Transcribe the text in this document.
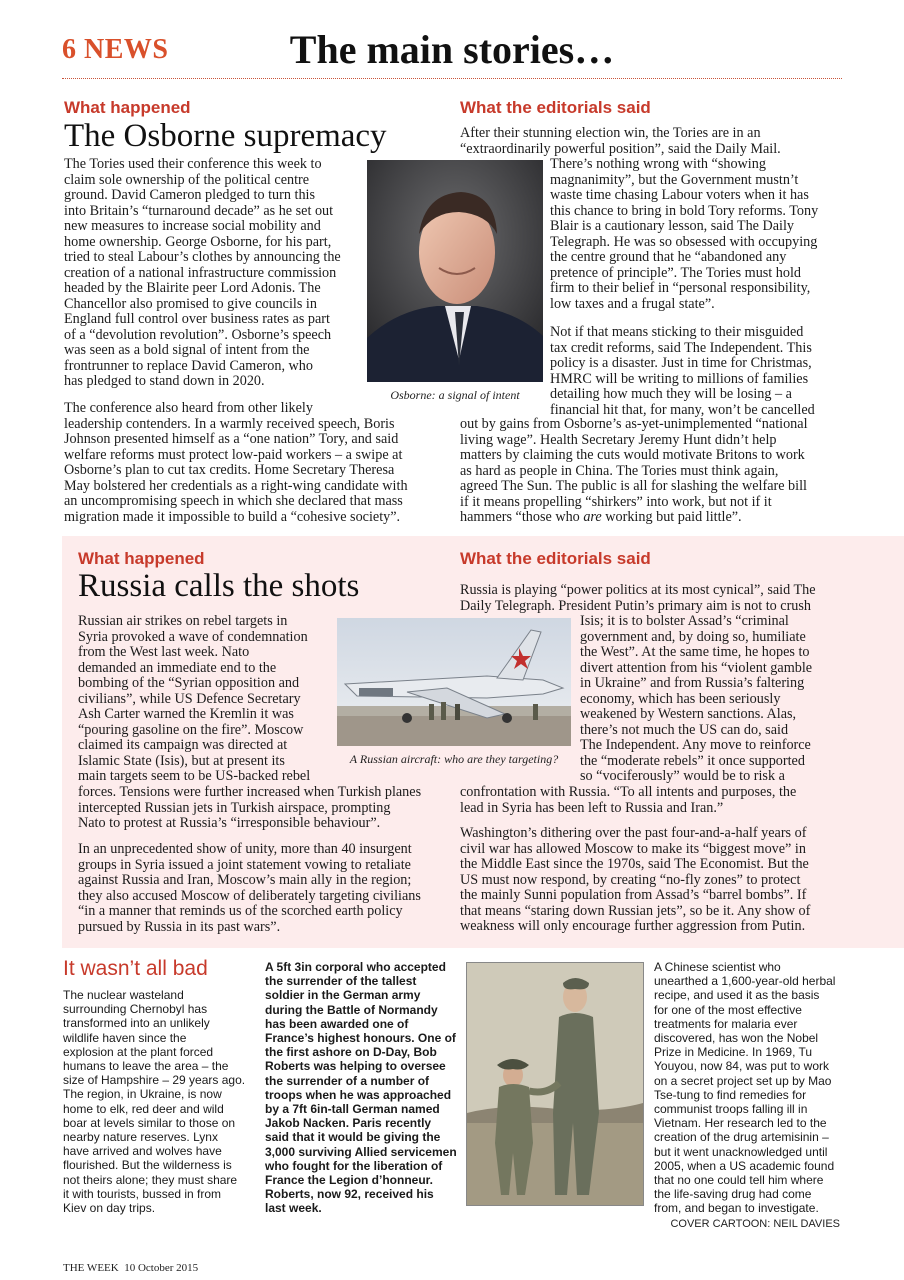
6 NEWS	The main stories…
What happened
The Osborne supremacy

The Tories used their conference this week to

claim sole ownership of the political centre

ground. David Cameron pledged to turn this

into Britain’s “turnaround decade” as he set out

new measures to increase social mobility and

home ownership. George Osborne, for his part,

tried to steal Labour’s clothes by announcing the

creation of a national infrastructure commission

headed by the Blairite peer Lord Adonis. The

Chancellor also promised to give councils in

England full control over business rates as part

of a “devolution revolution”. Osborne’s speech

was seen as a bold signal of intent from the

frontrunner to replace David Cameron, who

has pledged to stand down in 2020.

Osborne: a signal of intent

The conference also heard from other likely

leadership contenders. In a warmly received speech, Boris

Johnson presented himself as a “one nation” Tory, and said

welfare reforms must protect low-paid workers – a swipe at

Osborne’s plan to cut tax credits. Home Secretary Theresa

May bolstered her credentials as a right-wing candidate with

an uncompromising speech in which she declared that mass

migration made it impossible to build a “cohesive society”.

What the editorials said

After their stunning election win, the Tories are in an

“extraordinarily powerful position”, said the Daily Mail.

There’s nothing wrong with “showing

magnanimity”, but the Government mustn’t

waste time chasing Labour voters when it has

this chance to bring in bold Tory reforms. Tony

Blair is a cautionary lesson, said The Daily

Telegraph. He was so obsessed with occupying

the centre ground that he “abandoned any

pretence of principle”. The Tories must hold

firm to their belief in “personal responsibility,

low taxes and a frugal state”.

Not if that means sticking to their misguided

tax credit reforms, said The Independent. This

policy is a disaster. Just in time for Christmas,

HMRC will be writing to millions of families

detailing how much they will be losing – a

financial hit that, for many, won’t be cancelled

out by gains from Osborne’s as-yet-unimplemented “national

living wage”. Health Secretary Jeremy Hunt didn’t help

matters by claiming the cuts would motivate Britons to work

as hard as people in China. The Tories must think again,

agreed The Sun. The public is all for slashing the welfare bill

if it means propelling “shirkers” into work, but not if it

hammers “those who are working but paid little”.

What happened
Russia calls the shots

Russian air strikes on rebel targets in

Syria provoked a wave of condemnation

from the West last week. Nato

demanded an immediate end to the

bombing of the “Syrian opposition and

civilians”, while US Defence Secretary

Ash Carter warned the Kremlin it was

“pouring gasoline on the fire”. Moscow

claimed its campaign was directed at

Islamic State (Isis), but at present its

main targets seem to be US-backed rebel

forces. Tensions were further increased when Turkish planes

intercepted Russian jets in Turkish airspace, prompting

Nato to protest at Russia’s “irresponsible behaviour”.

In an unprecedented show of unity, more than 40 insurgent

groups in Syria issued a joint statement vowing to retaliate

against Russia and Iran, Moscow’s main ally in the region;

they also accused Moscow of deliberately targeting civilians

“in a manner that reminds us of the scorched earth policy

pursued by Russia in its past wars”.

A Russian aircraft: who are they targeting?
What the editorials said

Russia is playing “power politics at its most cynical”, said The

Daily Telegraph. President Putin’s primary aim is not to crush

Isis; it is to bolster Assad’s “criminal

government and, by doing so, humiliate

the West”. At the same time, he hopes to

divert attention from his “violent gamble

in Ukraine” and from Russia’s faltering

economy, which has been seriously

weakened by Western sanctions. Alas,

there’s not much the US can do, said

The Independent. Any move to reinforce

the “moderate rebels” it once supported

so “vociferously” would be to risk a

confrontation with Russia. “To all intents and purposes, the

lead in Syria has been left to Russia and Iran.”

Washington’s dithering over the past four-and-a-half years of

civil war has allowed Moscow to make its “biggest move” in

the Middle East since the 1970s, said The Economist. But the

US must now respond, by creating “no-fly zones” to protect

the mainly Sunni population from Assad’s “barrel bombs”. If

that means “staring down Russian jets”, so be it. Any show of

weakness will only encourage further aggression from Putin.

It wasn’t all bad
The nuclear wasteland
surrounding Chernobyl has
transformed into an unlikely
wildlife haven since the
explosion at the plant forced
humans to leave the area – the
size of Hampshire – 29 years ago.
The region, in Ukraine, is now
home to elk, red deer and wild
boar at levels similar to those on
nearby nature reserves. Lynx
have arrived and wolves have
flourished. But the wilderness is
not theirs alone; they must share
it with tourists, bussed in from
Kiev on day trips.
A 5ft 3in corporal who accepted
the surrender of the tallest
soldier in the German army
during the Battle of Normandy
has been awarded one of
France’s highest honours. One of
the first ashore on D-Day, Bob
Roberts was helping to oversee
the surrender of a number of
troops when he was approached
by a 7ft 6in-tall German named
Jakob Nacken. Paris recently
said that it would be giving the
3,000 surviving Allied servicemen
who fought for the liberation of
France the Legion d’honneur.
Roberts, now 92, received his
last week.
A Chinese scientist who
unearthed a 1,600-year-old herbal
recipe, and used it as the basis
for one of the most effective
treatments for malaria ever
discovered, has won the Nobel
Prize in Medicine. In 1969, Tu
Youyou, now 84, was put to work
on a secret project set up by Mao
Tse-tung to find remedies for
communist troops falling ill in
Vietnam. Her research led to the
creation of the drug artemisinin –
but it went unacknowledged until
2005, when a US academic found
that no one could tell him where
the life-saving drug had come
from, and began to investigate.
COVER CARTOON: NEIL DAVIES
THE WEEK  10 October 2015
